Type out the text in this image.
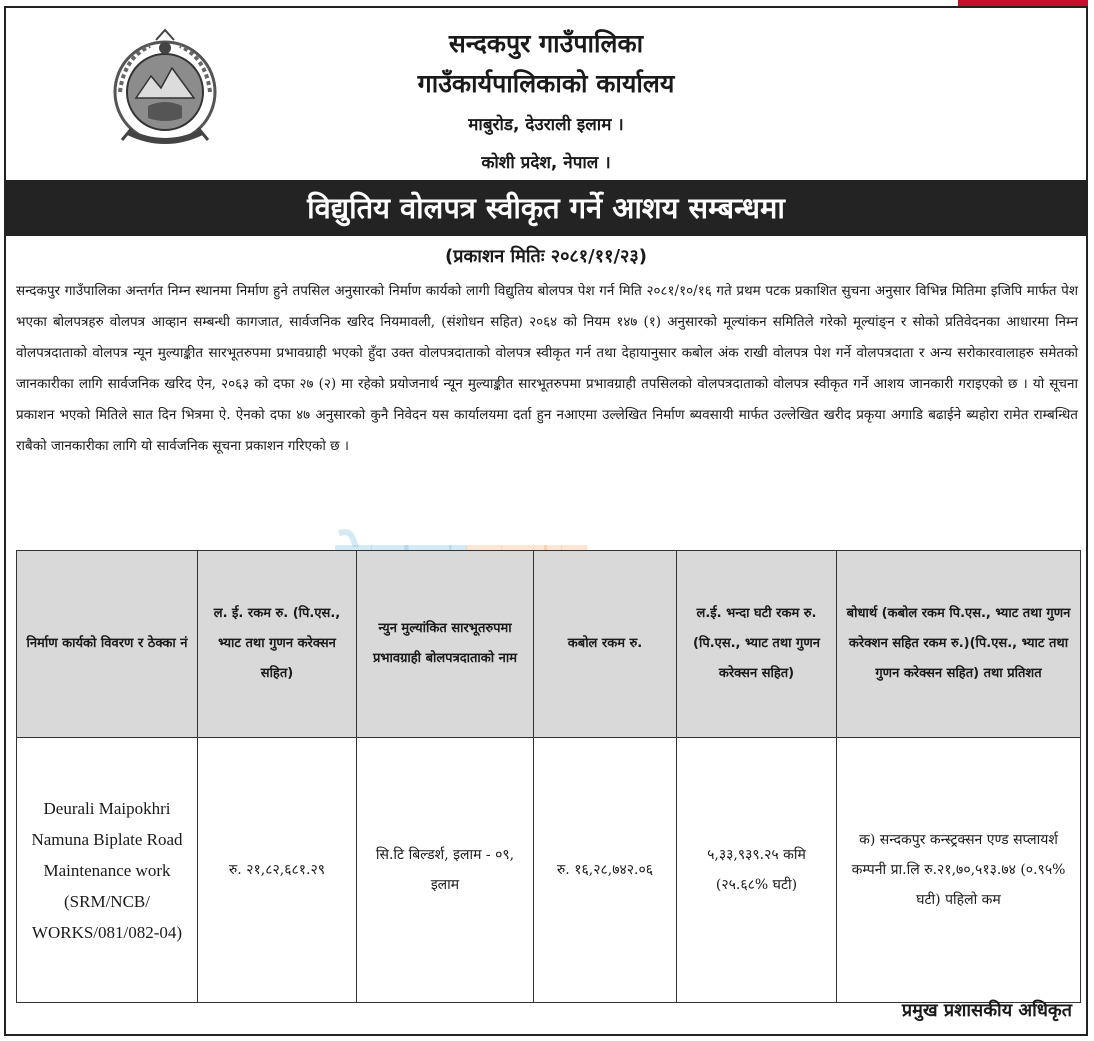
सन्दकपुर गाउँपालिका
गाउँकार्यपालिकाको कार्यालय
माबुरोड, देउराली इलाम ।
कोशी प्रदेश, नेपाल ।
विद्युतिय वोलपत्र स्वीकृत गर्ने आशय सम्बन्धमा
(प्रकाशन मितिः २०८१/११/२३)
सन्दकपुर गाउँपालिका अन्तर्गत निम्न स्थानमा निर्माण हुने तपसिल अनुसारको निर्माण कार्यको लागी विद्युतिय बोलपत्र पेश गर्न मिति २०८१/१०/१६ गते प्रथम पटक प्रकाशित सुचना अनुसार विभिन्न मितिमा इजिपि मार्फत पेश भएका बोलपत्रहरु वोलपत्र आव्हान सम्बन्धी कागजात, सार्वजनिक खरिद नियमावली, (संशोधन सहित) २०६४ को नियम १४७ (१) अनुसारको मूल्यांकन समितिले गरेको मूल्यांङ्न र सोको प्रतिवेदनका आधारमा निम्न वोलपत्रदाताको वोलपत्र न्यून मुल्याङ्कीत सारभूतरुपमा प्रभावग्राही भएको हुँदा उक्त वोलपत्रदाताको वोलपत्र स्वीकृत गर्न तथा देहायानुसार कबोल अंक राखी वोलपत्र पेश गर्ने वोलपत्रदाता र अन्य सरोकारवालाहरु समेतको जानकारीका लागि सार्वजनिक खरिद ऐन, २०६३ को दफा २७ (२) मा रहेको प्रयोजनार्थ न्यून मुल्याङ्कीत सारभूतरुपमा प्रभावग्राही तपसिलको वोलपत्रदाताको वोलपत्र स्वीकृत गर्ने आशय जानकारी गराइएको छ । यो सूचना प्रकाशन भएको मितिले सात दिन भित्रमा ऐ. ऐनको दफा ४७ अनुसारको कुनै निवेदन यस कार्यालयमा दर्ता हुन नआएमा उल्लेखित निर्माण ब्यवसायी मार्फत उल्लेखित खरीद प्रकृया अगाडि बढाईने ब्यहोरा रामेत राम्बन्धित राबैको जानकारीका लागि यो सार्वजनिक सूचना प्रकाशन गरिएको छ ।
निर्माण कार्यको विवरण र ठेक्का नं	ल. ई. रकम रु. (पि.एस., भ्याट तथा गुणन करेक्सन सहित)	न्युन मुल्यांकित सारभूतरुपमा प्रभावग्राही बोलपत्रदाताको नाम	कबोल रकम रु.	ल.ई. भन्दा घटी रकम रु.(पि.एस., भ्याट तथा गुणन करेक्सन सहित)	बोधार्थ (कबोल रकम पि.एस., भ्याट तथा गुणन करेक्शन सहित रकम रु.)(पि.एस., भ्याट तथा गुणन करेक्सन सहित) तथा प्रतिशत
Deurali Maipokhri Namuna Biplate Road Maintenance work (SRM/NCB/ WORKS/081/082-04)	रु. २१,८२,६८१.२९	सि.टि बिल्डर्श, इलाम - ०९, इलाम	रु. १६,२८,७४२.०६	५,३३,९३९.२५ कमि (२५.६८% घटी)	क) सन्दकपुर कन्स्ट्रक्सन एण्ड सप्लायर्श कम्पनी प्रा.लि रु.२१,७०,५१३.७४ (०.९५% घटी) पहिलो कम
प्रमुख प्रशासकीय अधिकृत
